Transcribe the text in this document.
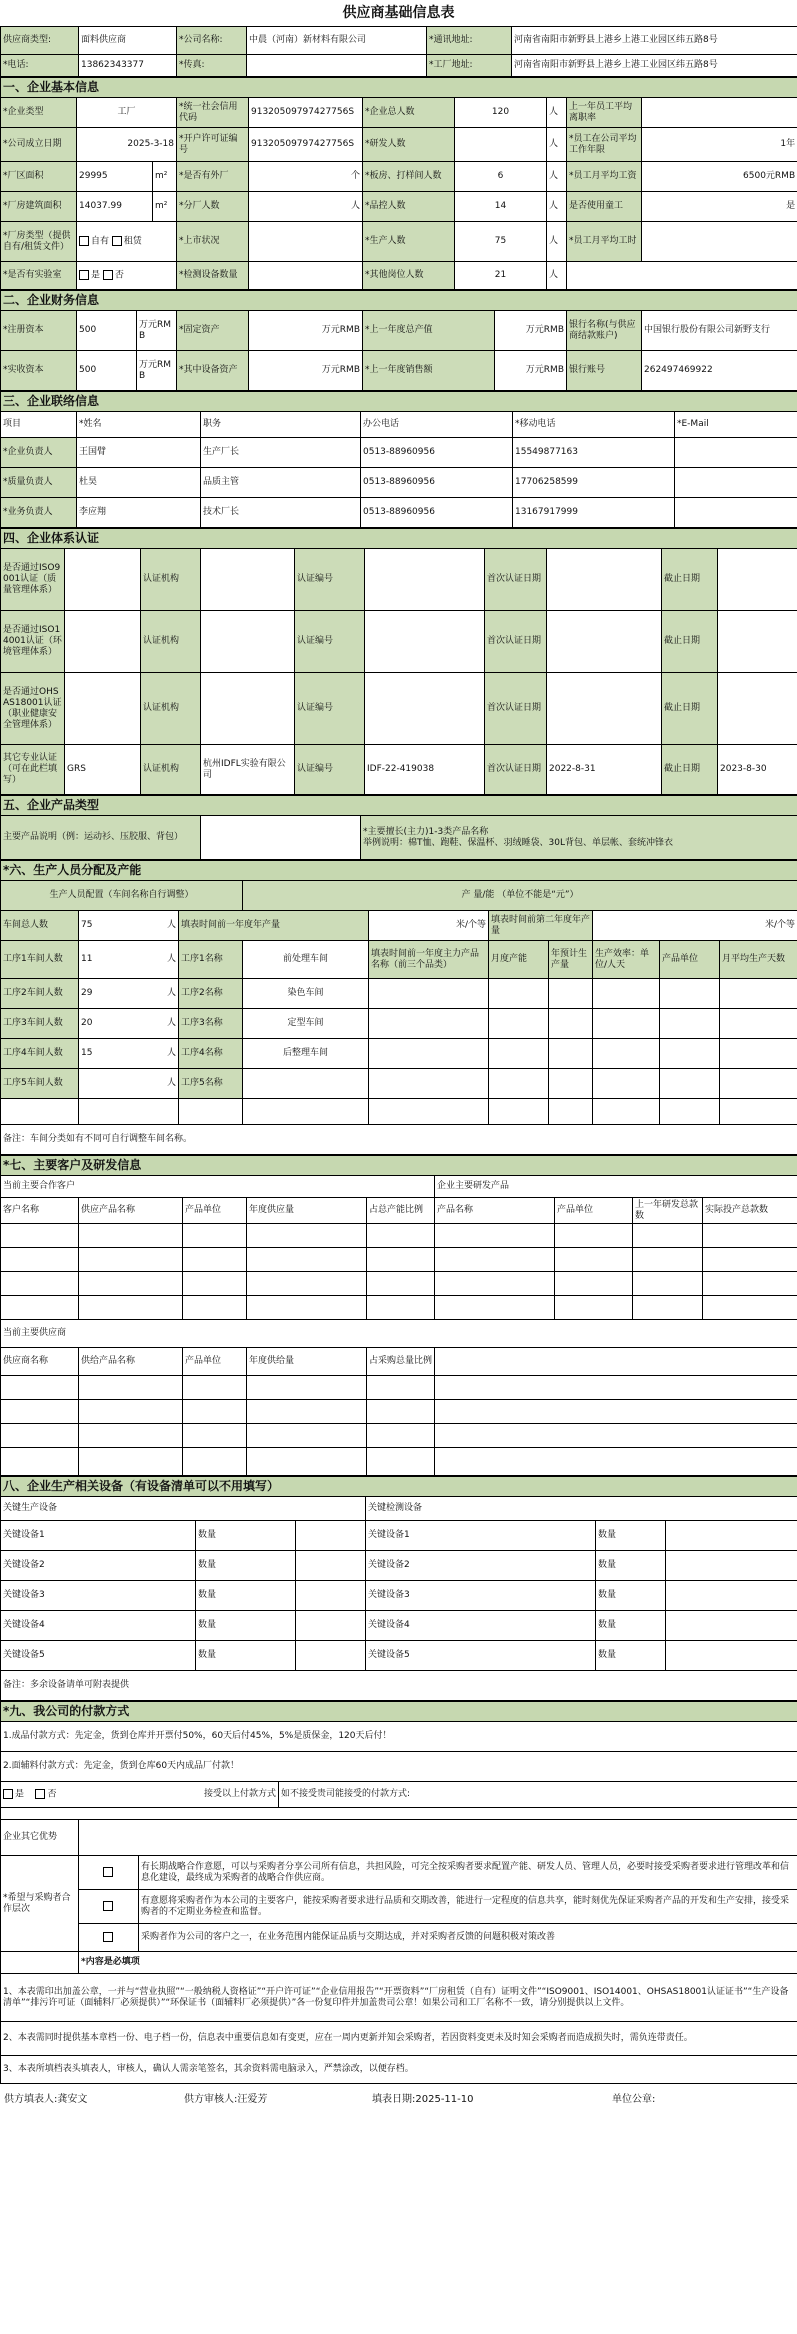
供应商基础信息表
供应商类型:	面料供应商	*公司名称:	中晨（河南）新材料有限公司	*通讯地址:	河南省南阳市新野县上港乡上港工业园区纬五路8号
*电话:	13862343377	*传真:		*工厂地址:	河南省南阳市新野县上港乡上港工业园区纬五路8号
一、企业基本信息									
*企业类型	工厂		*统一社会信用代码	91320509797427756S	*企业总人数	120	人	上一年员工平均离职率	
*公司成立日期	2025-3-18		*开户许可证编号	91320509797427756S	*研发人数		人	*员工在公司平均工作年限	1年
*厂区面积	29995	m²	*是否有外厂	个	*板房、打样间人数	6	人	*员工月平均工资	6500元RMB
*厂房建筑面积	14037.99	m²	*分厂人数	人	*品控人数	14	人	是否使用童工	是
*厂房类型（提供自有/租赁文件）	自有 租赁		*上市状况		*生产人数	75	人	*员工月平均工时	
*是否有实验室	是 否		*检测设备数量		*其他岗位人数	21	人		
二、企业财务信息								
*注册资本	500	万元RMB	*固定资产	万元RMB	*上一年度总产值	万元RMB	银行名称(与供应商结款账户)	中国银行股份有限公司新野支行
*实收资本	500	万元RMB	*其中设备资产	万元RMB	*上一年度销售额	万元RMB	银行账号	262497469922
三、企业联络信息					
项目	*姓名	职务	办公电话	*移动电话	*E-Mail
*企业负责人	王国臂	生产厂长	0513-88960956	15549877163	
*质量负责人	杜昊	品质主管	0513-88960956	17706258599	
*业务负责人	李应翔	技术厂长	0513-88960956	13167917999	
四、企业体系认证									
是否通过ISO9001认证（质量管理体系）		认证机构		认证编号		首次认证日期		截止日期	
是否通过ISO14001认证（环境管理体系）		认证机构		认证编号		首次认证日期		截止日期	
是否通过OHSAS18001认证（职业健康安全管理体系）		认证机构		认证编号		首次认证日期		截止日期	
其它专业认证（可在此栏填写）	GRS	认证机构	杭州IDFL实验有限公司	认证编号	IDF-22-419038	首次认证日期	2022-8-31	截止日期	2023-8-30
五、企业产品类型
主要产品说明（例：运动衫、压胶服、背包）		
*主要擅长(主力)1-3类产品名称
举例说明：棉T恤、跑鞋、保温杯、羽绒睡袋、30L背包、单层帐、套统冲锋衣
*六、生产人员分配及产能									
生产人员配置（车间名称自行调整）			产 量/能 （单位不能是“元”）						
车间总人数	75 人	填表时间前一年度年产量		米/个等	填表时间前第二年度年产量		米/个等		
工序1车间人数	11 人	工序1名称	前处理车间	填表时间前一年度主力产品名称（前三个品类）	月度产能	年预计生产量	生产效率：单位/人天	产品单位	月平均生产天数
工序2车间人数	29 人	工序2名称	染色车间						
工序3车间人数	20 人	工序3名称	定型车间						
工序4车间人数	15 人	工序4名称	后整理车间						
工序5车间人数	人	工序5名称							

备注：车间分类如有不同可自行调整车间名称。									
*七、主要客户及研发信息								
当前主要合作客户					企业主要研发产品			
客户名称	供应产品名称	产品单位	年度供应量	占总产能比例	产品名称	产品单位	上一年研发总款数	实际投产总款数

当前主要供应商								
供应商名称	供给产品名称	产品单位	年度供给量	占采购总量比例				

八、企业生产相关设备（有设备清单可以不用填写）					
关键生产设备			关键检测设备		
关键设备1	数量		关键设备1	数量	
关键设备2	数量		关键设备2	数量	
关键设备3	数量		关键设备3	数量	
关键设备4	数量		关键设备4	数量	
关键设备5	数量		关键设备5	数量	
备注：多余设备请单可附表提供					
*九、我公司的付款方式			
1.成品付款方式：先定金，货到仓库并开票付50%，60天后付45%，5%是质保金，120天后付！			
2.面辅料付款方式：先定金，货到仓库60天内成品厂付款！			
是 否 接受以上付款方式			如不接受贵司能接受的付款方式:

企业其它优势			
*希望与采购者合作层次		有长期战略合作意愿，可以与采购者分享公司所有信息，共担风险，可完全按采购者要求配置产能、研发人员、管理人员，必要时接受采购者要求进行管理改革和信息化建设，最终成为采购者的战略合作供应商。	
		有意愿将采购者作为本公司的主要客户，能按采购者要求进行品质和交期改善，能进行一定程度的信息共享，能时刻优先保证采购者产品的开发和生产安排，接受采购者的不定期业务检查和监督。	
		采购者作为公司的客户之一，在业务范围内能保证品质与交期达成，并对采购者反馈的问题积极对策改善	
	*内容是必填项		
1、本表需印出加盖公章，一并与“营业执照”“一般纳税人资格证”“开户许可证”“企业信用报告”“开票资料”“厂房租赁（自有）证明文件”“ISO9001、ISO14001、OHSAS18001认证证书”“生产设备清单”“排污许可证（面辅料厂必须提供）”“环保证书（面辅料厂必须提供）”各一份复印件并加盖贵司公章！如果公司和工厂名称不一致，请分别提供以上文件。			
2、本表需同时提供基本章档一份、电子档一份，信息表中重要信息如有变更，应在一周内更新并知会采购者，若因资料变更未及时知会采购者而造成损失时，需负连带责任。			
3、本表所填档表头填表人，审核人，确认人需亲笔签名，其余资料需电脑录入，严禁涂改，以便存档。			
供方填表人:龚安文	供方审核人:汪爱芳	填表日期:2025-11-10	单位公章:
